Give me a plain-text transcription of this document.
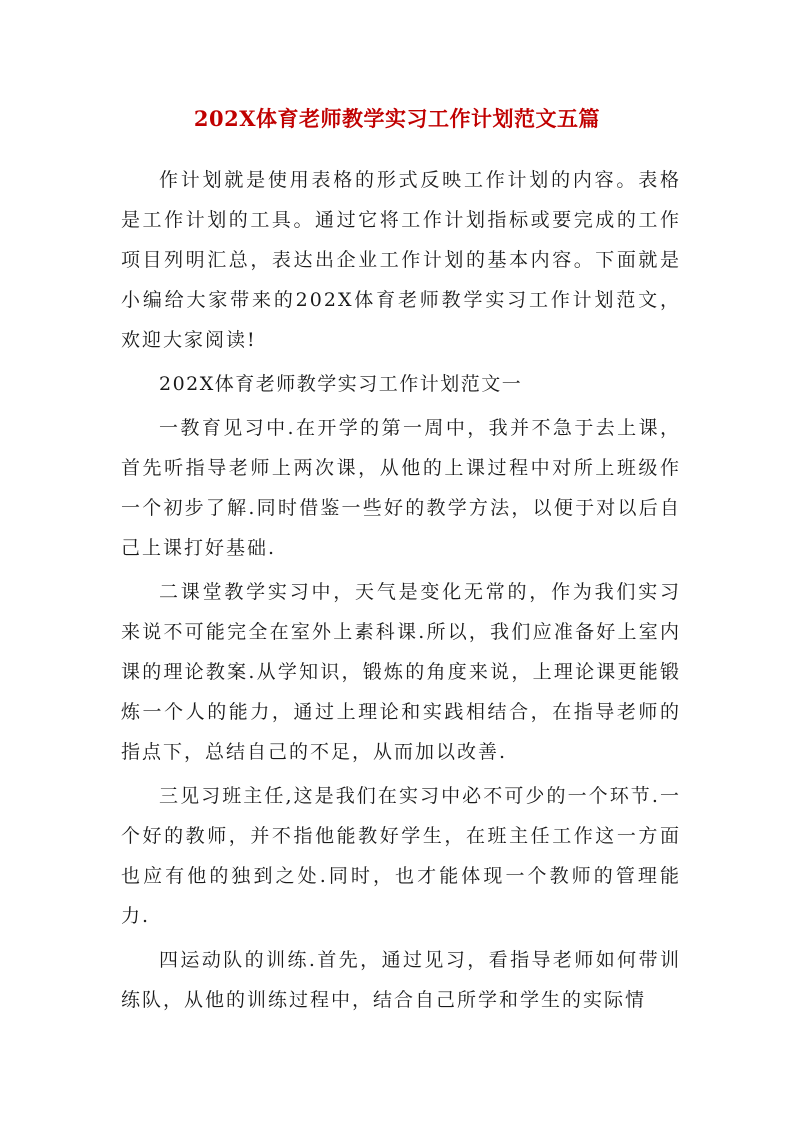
202X体育老师教学实习工作计划范文五篇

作计划就是使用表格的形式反映工作计划的内容。表格是工作计划的工具。通过它将工作计划指标或要完成的工作项目列明汇总，表达出企业工作计划的基本内容。下面就是小编给大家带来的202X体育老师教学实习工作计划范文，欢迎大家阅读!

202X体育老师教学实习工作计划范文一

一教育见习中.在开学的第一周中，我并不急于去上课，首先听指导老师上两次课，从他的上课过程中对所上班级作一个初步了解.同时借鉴一些好的教学方法，以便于对以后自己上课打好基础.

二课堂教学实习中，天气是变化无常的，作为我们实习来说不可能完全在室外上素科课.所以，我们应准备好上室内课的理论教案.从学知识，锻炼的角度来说，上理论课更能锻炼一个人的能力，通过上理论和实践相结合，在指导老师的指点下，总结自己的不足，从而加以改善.

三见习班主任,这是我们在实习中必不可少的一个环节.一个好的教师，并不指他能教好学生，在班主任工作这一方面也应有他的独到之处.同时，也才能体现一个教师的管理能力.

四运动队的训练.首先，通过见习，看指导老师如何带训练队，从他的训练过程中，结合自己所学和学生的实际情
